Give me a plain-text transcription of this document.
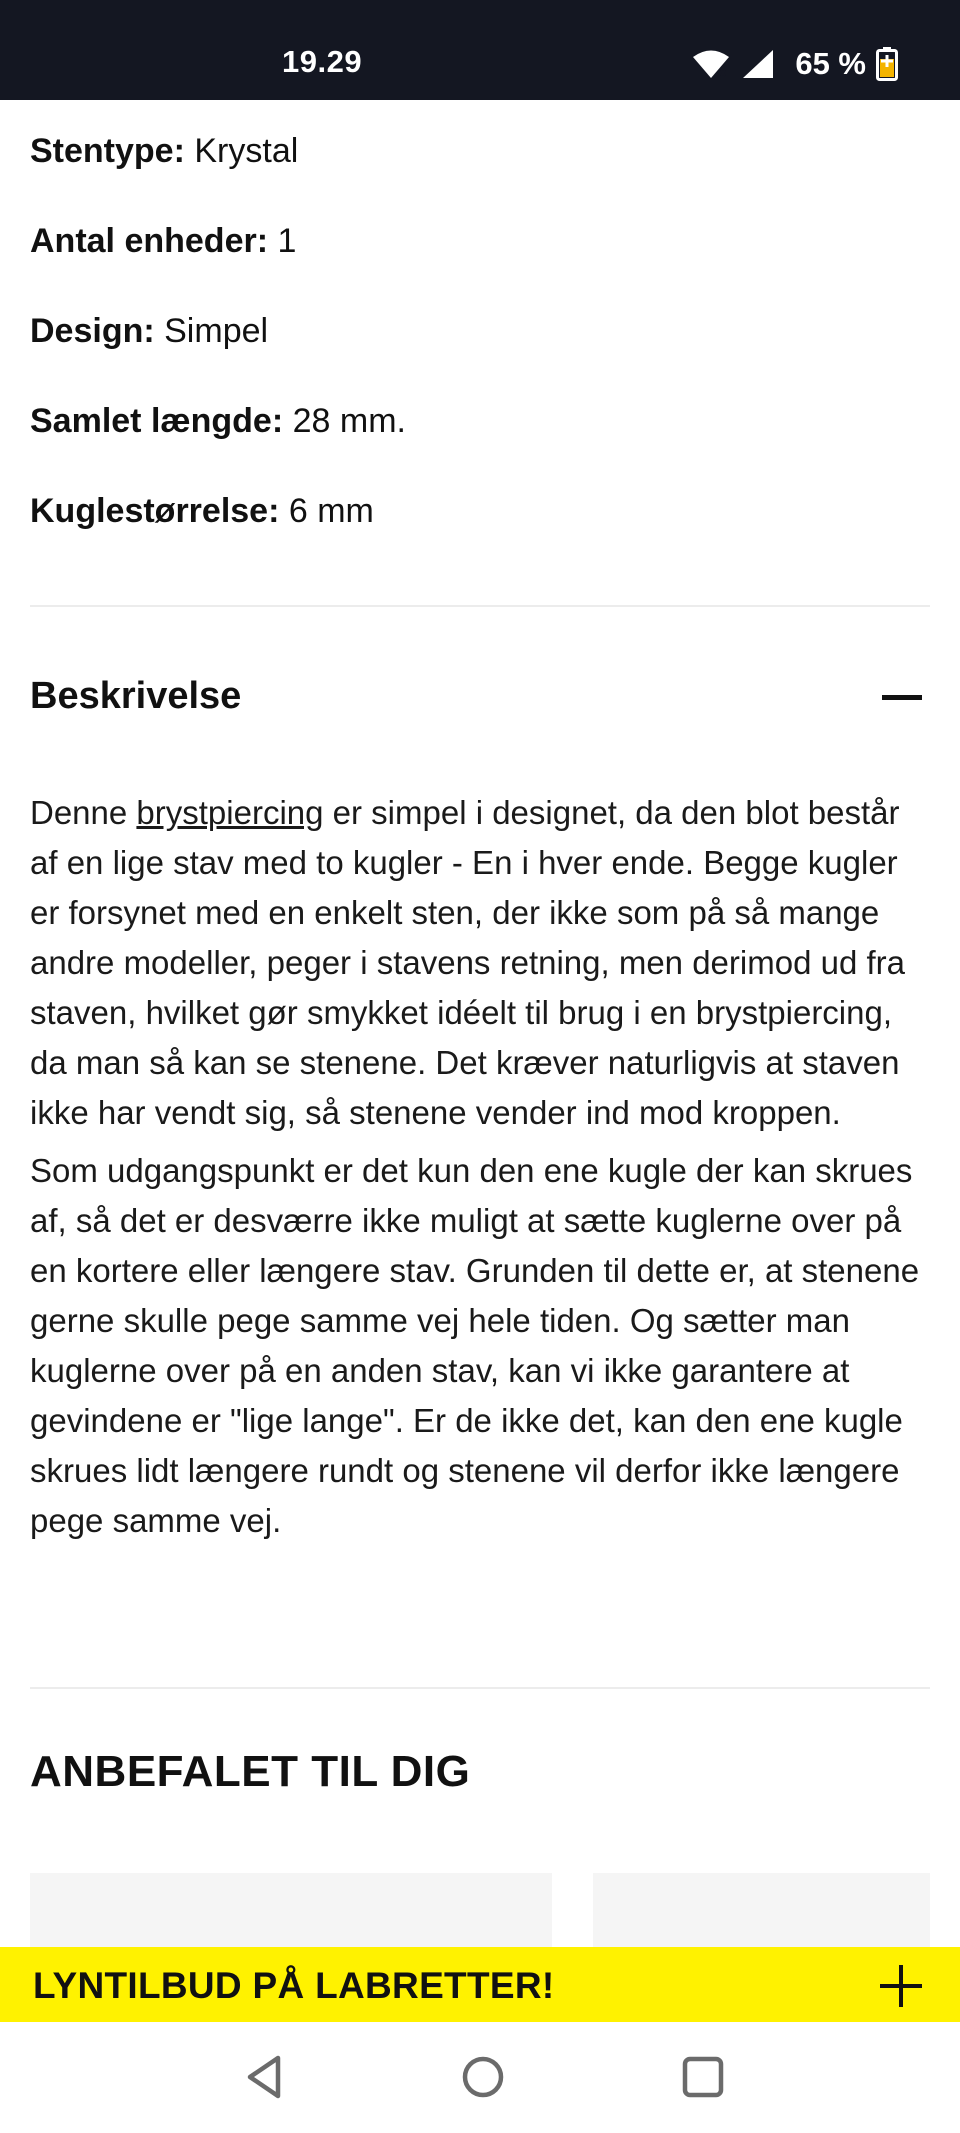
19.29	65 %
Stentype: Krystal
Antal enheder: 1
Design: Simpel
Samlet længde: 28 mm.
Kuglestørrelse: 6 mm
Beskrivelse

Denne brystpiercing er simpel i designet, da den blot består af en lige stav med to kugler - En i hver ende. Begge kugler er forsynet med en enkelt sten, der ikke som på så mange andre modeller, peger i stavens retning, men derimod ud fra staven, hvilket gør smykket idéelt til brug i en brystpiercing, da man så kan se stenene. Det kræver naturligvis at staven ikke har vendt sig, så stenene vender ind mod kroppen.

Som udgangspunkt er det kun den ene kugle der kan skrues af, så det er desværre ikke muligt at sætte kuglerne over på en kortere eller længere stav. Grunden til dette er, at stenene gerne skulle pege samme vej hele tiden. Og sætter man kuglerne over på en anden stav, kan vi ikke garantere at gevindene er "lige lange". Er de ikke det, kan den ene kugle skrues lidt længere rundt og stenene vil derfor ikke længere pege samme vej.

ANBEFALET TIL DIG
LYNTILBUD PÅ LABRETTER!
